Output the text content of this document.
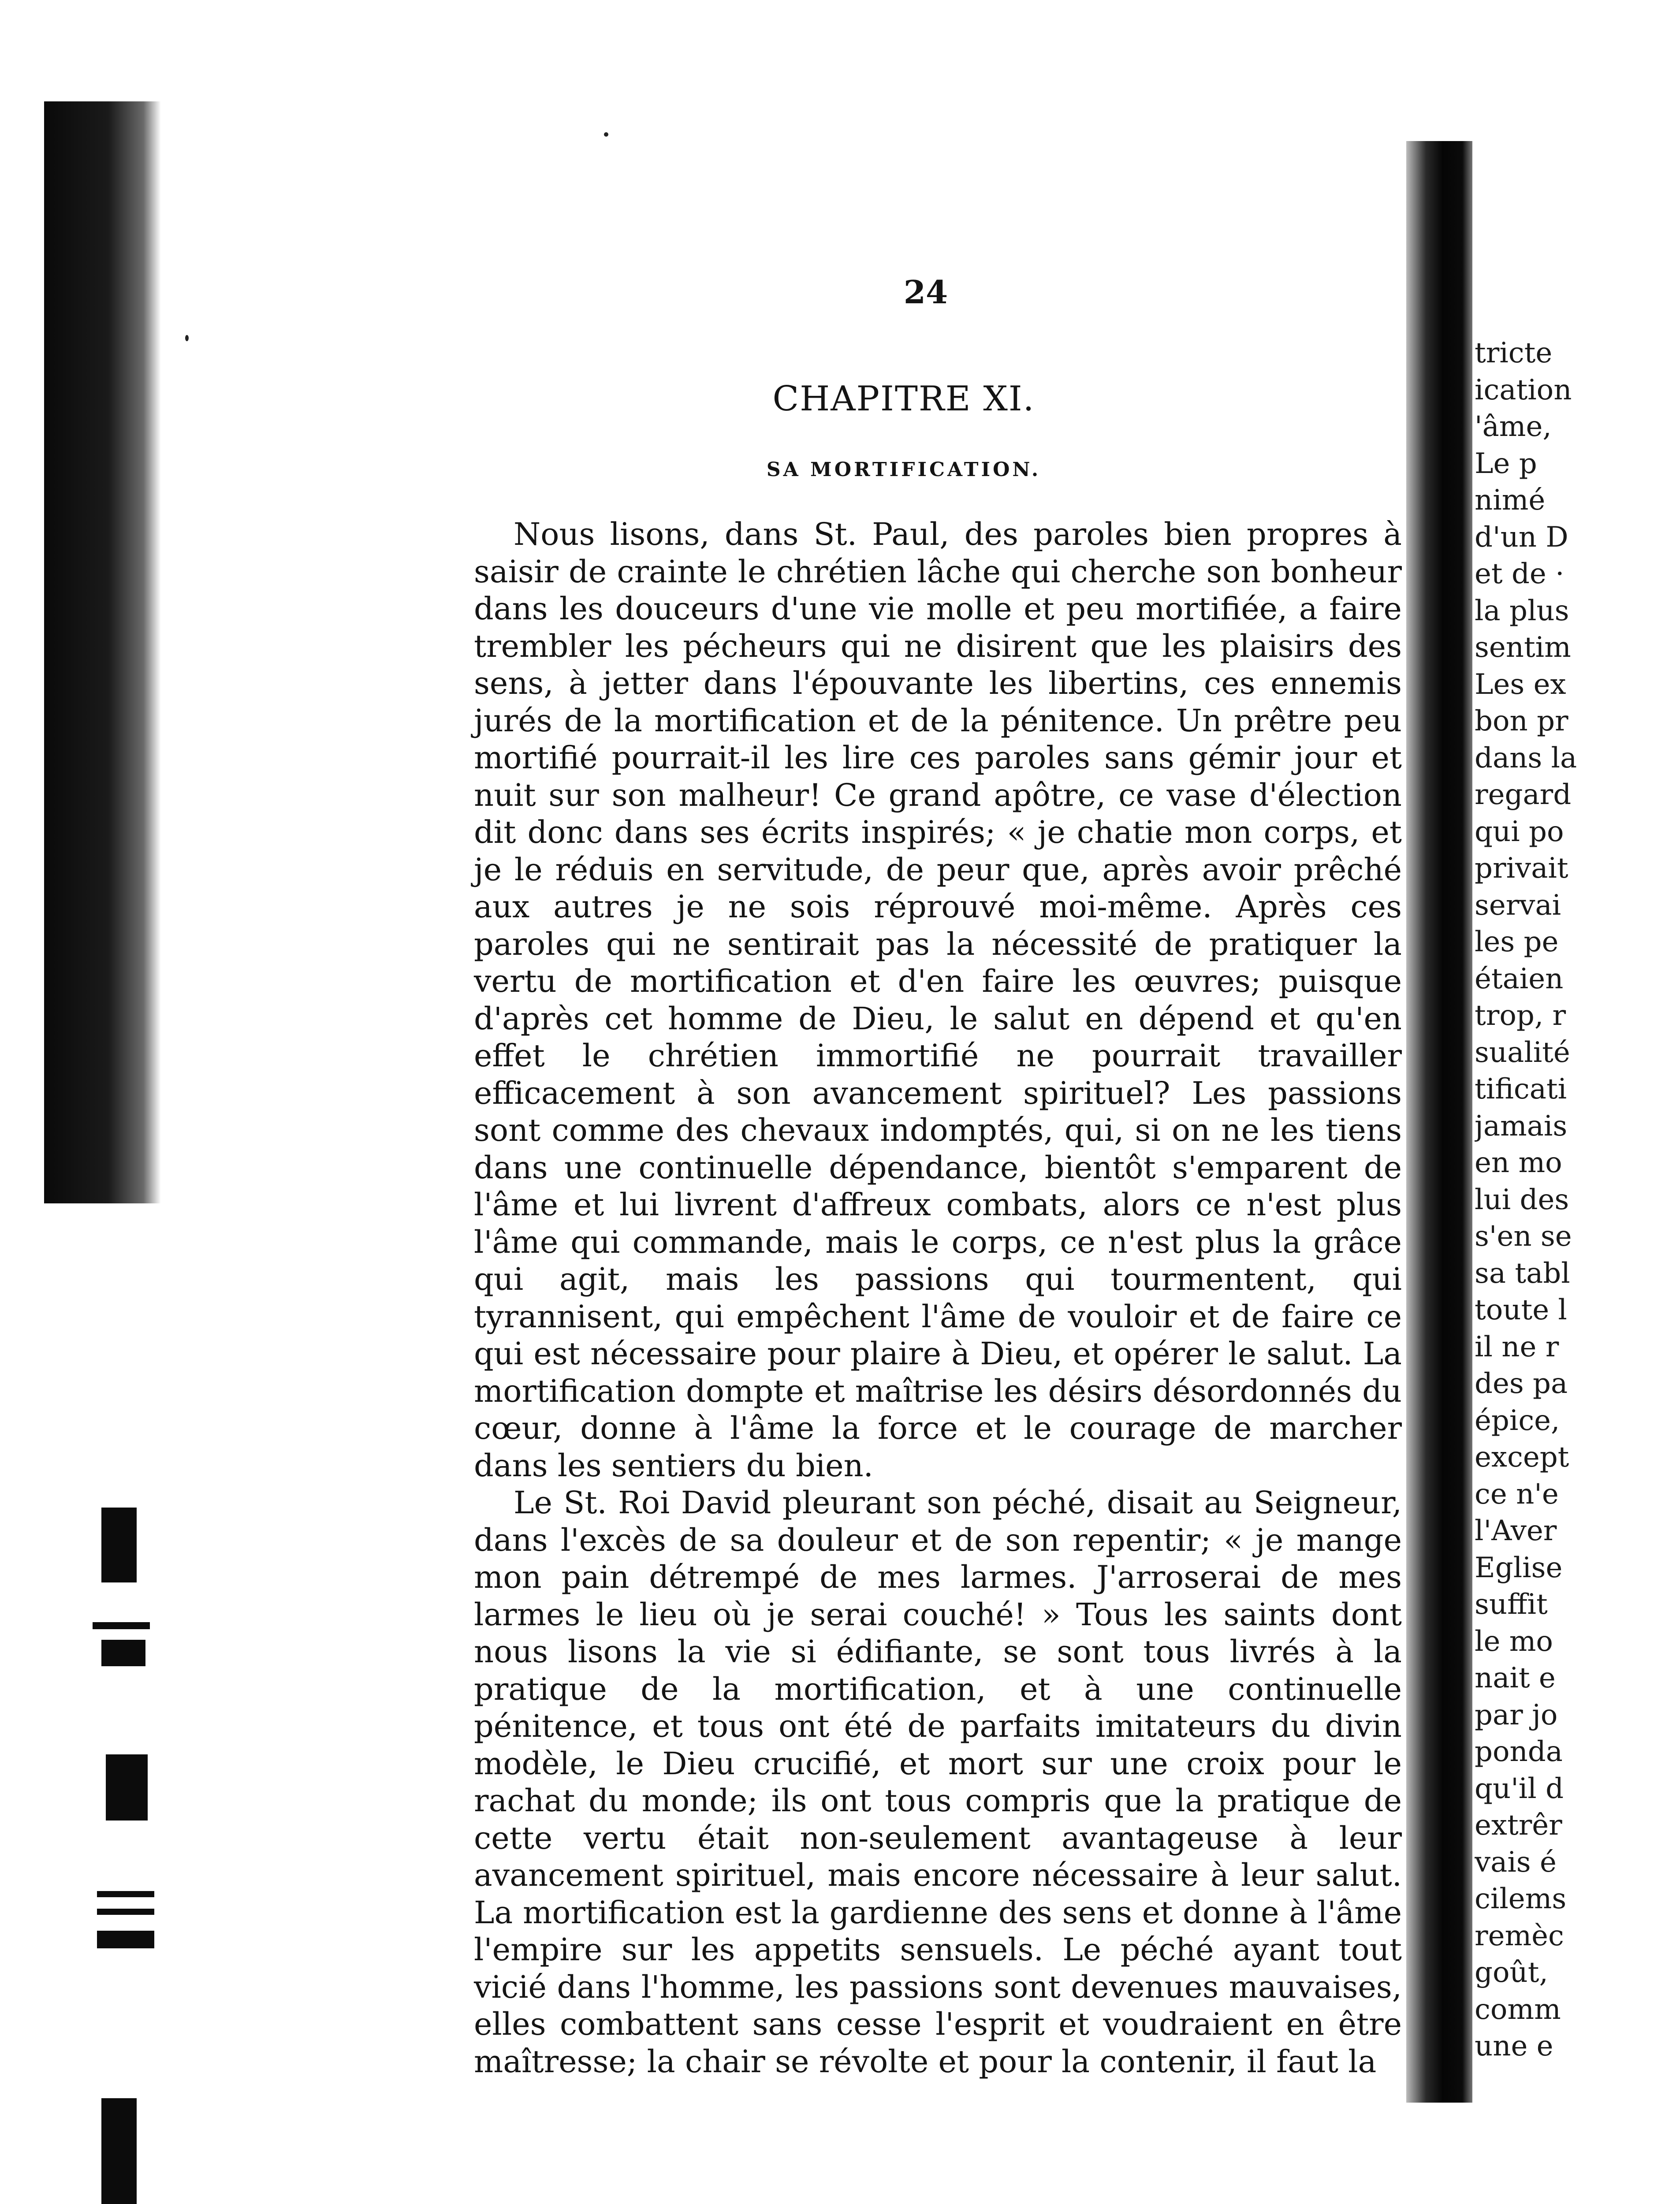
24

CHAPITRE XI.
SA MORTIFICATION.

Nous lisons, dans St. Paul, des paroles bien propres à saisir de crainte le chrétien lâche qui cherche son bonheur dans les douceurs d'une vie molle et peu mortifiée, a faire trembler les pécheurs qui ne disirent que les plaisirs des sens, à jetter dans l'épouvante les libertins, ces ennemis jurés de la mortification et de la pénitence. Un prêtre peu mortifié pourrait-il les lire ces paroles sans gémir jour et nuit sur son malheur! Ce grand apôtre, ce vase d'élection dit donc dans ses écrits inspirés; « je chatie mon corps, et je le réduis en servitude, de peur que, après avoir prêché aux autres je ne sois réprouvé moi-même. Après ces paroles qui ne sentirait pas la nécessité de pratiquer la vertu de mortification et d'en faire les œuvres; puisque d'après cet homme de Dieu, le salut en dépend et qu'en effet le chrétien immortifié ne pourrait travailler efficacement à son avancement spirituel? Les passions sont comme des chevaux indomptés, qui, si on ne les tiens dans une continuelle dépendance, bientôt s'emparent de l'âme et lui livrent d'affreux combats, alors ce n'est plus l'âme qui commande, mais le corps, ce n'est plus la grâce qui agit, mais les passions qui tourmentent, qui tyrannisent, qui empêchent l'âme de vouloir et de faire ce qui est nécessaire pour plaire à Dieu, et opérer le salut. La mortification dompte et maîtrise les désirs désordonnés du cœur, donne à l'âme la force et le courage de marcher dans les sentiers du bien.

Le St. Roi David pleurant son péché, disait au Seigneur, dans l'excès de sa douleur et de son repentir; « je mange mon pain détrempé de mes larmes. J'arroserai de mes larmes le lieu où je serai couché! » Tous les saints dont nous lisons la vie si édifiante, se sont tous livrés à la pratique de la mortification, et à une continuelle pénitence, et tous ont été de parfaits imitateurs du divin modèle, le Dieu crucifié, et mort sur une croix pour le rachat du monde; ils ont tous compris que la pratique de cette vertu était non-seulement avantageuse à leur avancement spirituel, mais encore nécessaire à leur salut. La mortification est la gardienne des sens et donne à l'âme l'empire sur les appetits sensuels. Le péché ayant tout vicié dans l'homme, les passions sont devenues mauvaises, elles combattent sans cesse l'esprit et voudraient en être maîtresse; la chair se révolte et pour la contenir, il faut la

tricte
ication
'âme,
Le p
nimé
d'un D
et de ·
la plus
sentim
Les ex
bon pr
dans la
regard
qui po
privait
servai
les pe
étaien
trop, r
sualité
tificati
jamais
en mo
lui des
s'en se
sa tabl
toute l
il ne r
des pa
épice,
except
ce n'e
l'Aver
Eglise
suffit
le mo
nait e
par jo
ponda
qu'il d
extrêr
vais é
cilems
remèc
goût,
comm
une e
